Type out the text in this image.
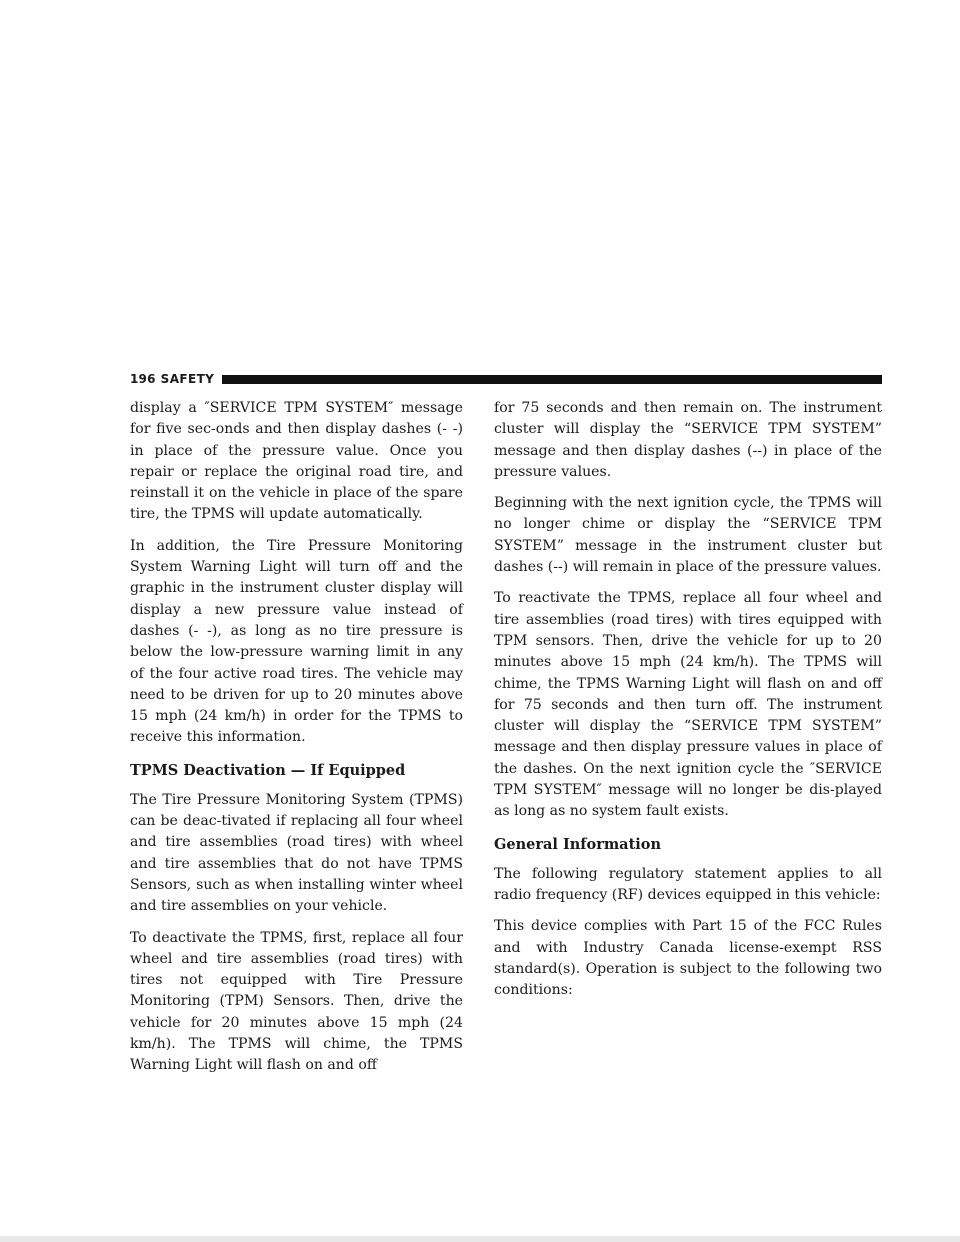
196 SAFETY

display a ″SERVICE TPM SYSTEM″ message for five sec-onds and then display dashes (- -) in place of the pressure value. Once you repair or replace the original road tire, and reinstall it on the vehicle in place of the spare tire, the TPMS will update automatically.

In addition, the Tire Pressure Monitoring System Warning Light will turn off and the graphic in the instrument cluster display will display a new pressure value instead of dashes (- -), as long as no tire pressure is below the low-pressure warning limit in any of the four active road tires. The vehicle may need to be driven for up to 20 minutes above 15 mph (24 km/h) in order for the TPMS to receive this information.

TPMS Deactivation — If Equipped

The Tire Pressure Monitoring System (TPMS) can be deac-tivated if replacing all four wheel and tire assemblies (road tires) with wheel and tire assemblies that do not have TPMS Sensors, such as when installing winter wheel and tire assemblies on your vehicle.

To deactivate the TPMS, first, replace all four wheel and tire assemblies (road tires) with tires not equipped with Tire Pressure Monitoring (TPM) Sensors. Then, drive the vehicle for 20 minutes above 15 mph (24 km/h). The TPMS will chime, the TPMS Warning Light will flash on and off

for 75 seconds and then remain on. The instrument cluster will display the “SERVICE TPM SYSTEM” message and then display dashes (--) in place of the pressure values.

Beginning with the next ignition cycle, the TPMS will no longer chime or display the “SERVICE TPM SYSTEM” message in the instrument cluster but dashes (--) will remain in place of the pressure values.

To reactivate the TPMS, replace all four wheel and tire assemblies (road tires) with tires equipped with TPM sensors. Then, drive the vehicle for up to 20 minutes above 15 mph (24 km/h). The TPMS will chime, the TPMS Warning Light will flash on and off for 75 seconds and then turn off. The instrument cluster will display the “SERVICE TPM SYSTEM” message and then display pressure values in place of the dashes. On the next ignition cycle the ″SERVICE TPM SYSTEM″ message will no longer be dis-played as long as no system fault exists.

General Information

The following regulatory statement applies to all radio frequency (RF) devices equipped in this vehicle:

This device complies with Part 15 of the FCC Rules and with Industry Canada license-exempt RSS standard(s). Operation is subject to the following two conditions:
